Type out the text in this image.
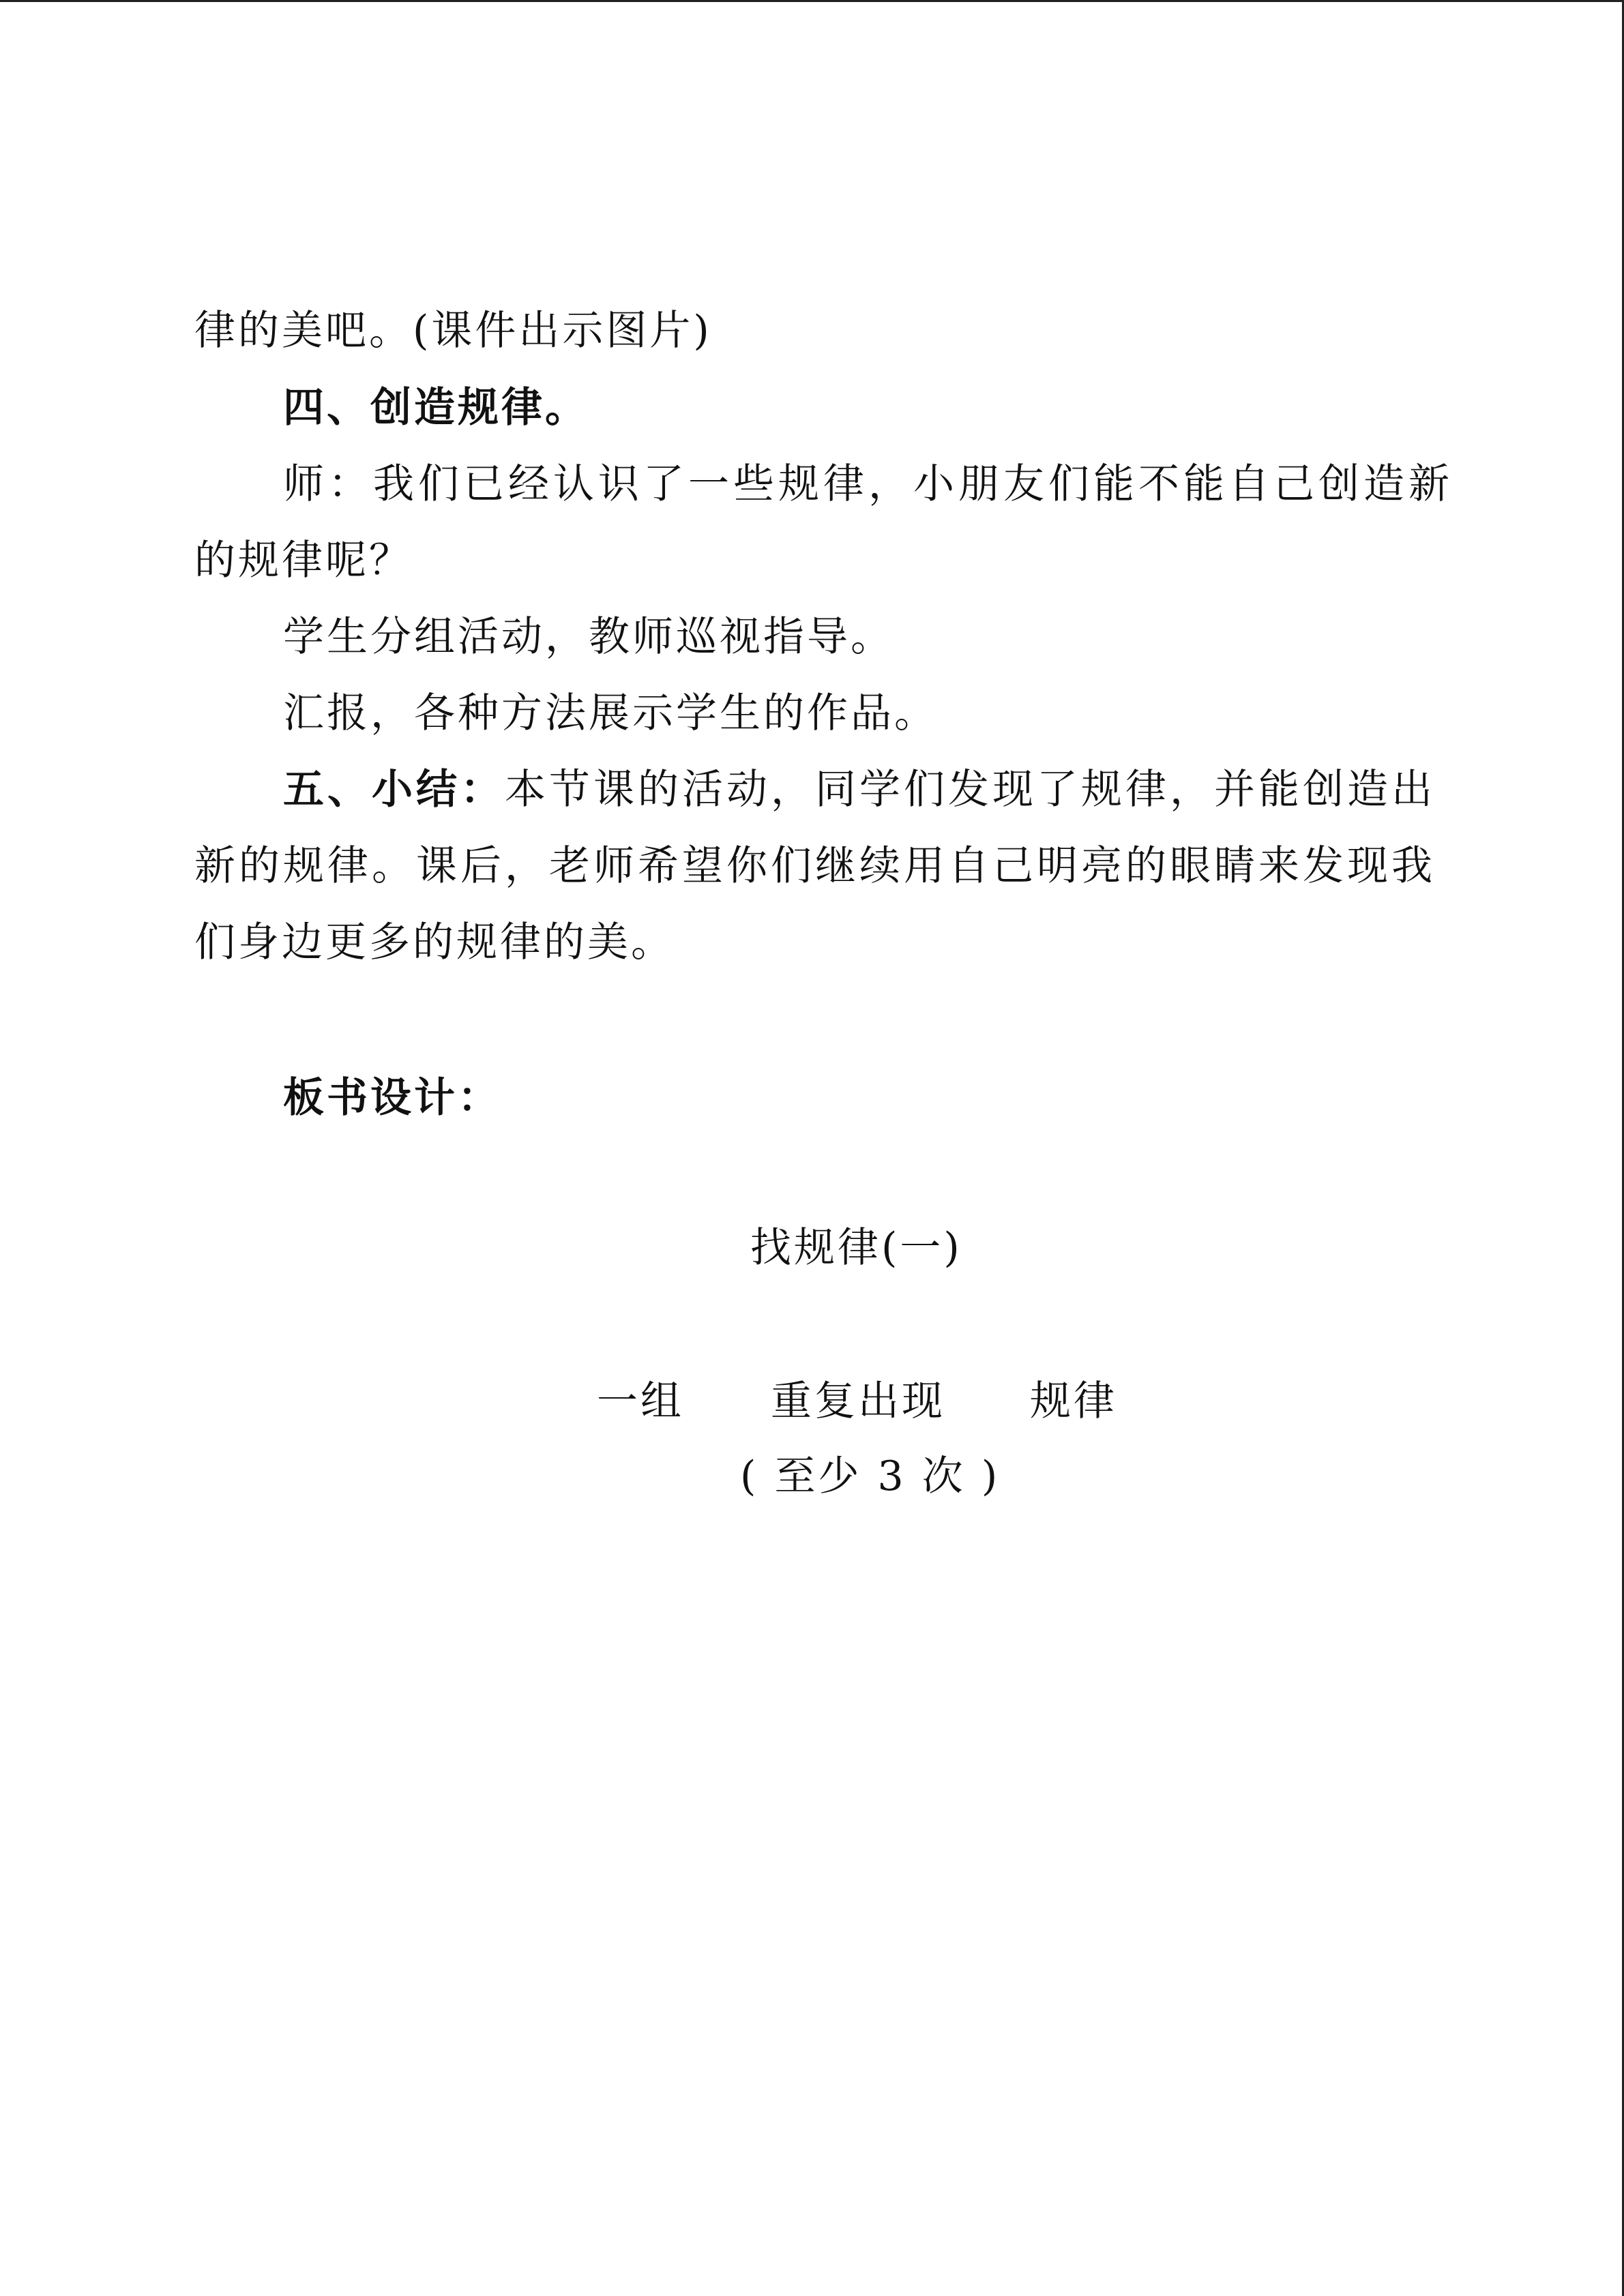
律的美吧。(课件出示图片)
四、创造规律。
师：我们已经认识了一些规律，小朋友们能不能自己创造新
的规律呢？
学生分组活动，教师巡视指导。
汇报，各种方法展示学生的作品。
五、小结：本节课的活动，同学们发现了规律，并能创造出
新的规律。课后，老师希望你们继续用自己明亮的眼睛来发现我
们身边更多的规律的美。
板书设计：
找规律(一)
一组 重复出现 规律
( 至少 3 次 )
